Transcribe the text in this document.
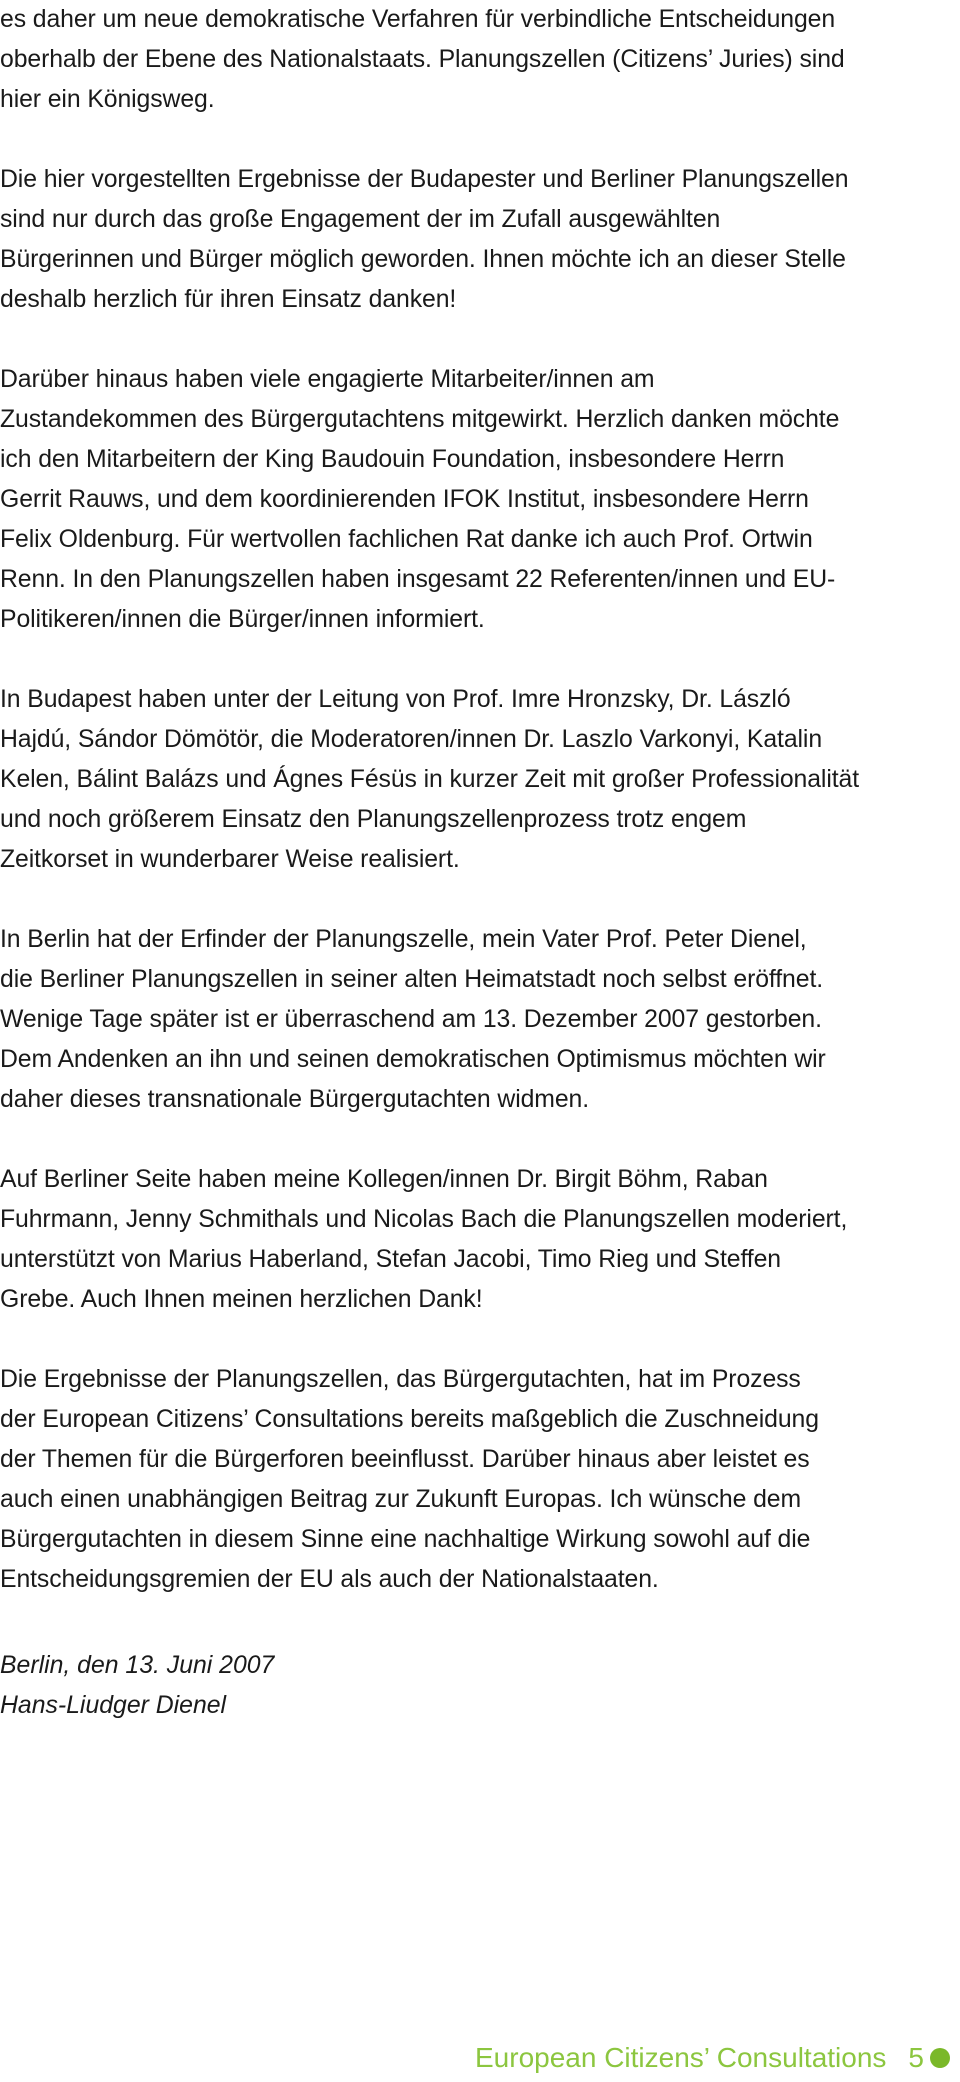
es daher um neue demokratische Verfahren für verbindliche Entscheidungen
oberhalb der Ebene des Nationalstaats. Planungszellen (Citizens’ Juries) sind
hier ein Königsweg.

Die hier vorgestellten Ergebnisse der Budapester und Berliner Planungszellen
sind nur durch das große Engagement der im Zufall ausgewählten
Bürgerinnen und Bürger möglich geworden. Ihnen möchte ich an dieser Stelle
deshalb herzlich für ihren Einsatz danken!

Darüber hinaus haben viele engagierte Mitarbeiter/innen am
Zustandekommen des Bürgergutachtens mitgewirkt. Herzlich danken möchte
ich den Mitarbeitern der King Baudouin Foundation, insbesondere Herrn
Gerrit Rauws, und dem koordinierenden IFOK Institut, insbesondere Herrn
Felix Oldenburg. Für wertvollen fachlichen Rat danke ich auch Prof. Ortwin
Renn. In den Planungszellen haben insgesamt 22 Referenten/innen und EU-
Politikeren/innen die Bürger/innen informiert.

In Budapest haben unter der Leitung von Prof. Imre Hronzsky, Dr. László
Hajdú, Sándor Dömötör, die Moderatoren/innen Dr. Laszlo Varkonyi, Katalin
Kelen, Bálint Balázs und Ágnes Fésüs in kurzer Zeit mit großer Professionalität
und noch größerem Einsatz den Planungszellenprozess trotz engem
Zeitkorset in wunderbarer Weise realisiert.

In Berlin hat der Erfinder der Planungszelle, mein Vater Prof. Peter Dienel,
die Berliner Planungszellen in seiner alten Heimatstadt noch selbst eröffnet.
Wenige Tage später ist er überraschend am 13. Dezember 2007 gestorben.
Dem Andenken an ihn und seinen demokratischen Optimismus möchten wir
daher dieses transnationale Bürgergutachten widmen.

Auf Berliner Seite haben meine Kollegen/innen Dr. Birgit Böhm, Raban
Fuhrmann, Jenny Schmithals und Nicolas Bach die Planungszellen moderiert,
unterstützt von Marius Haberland, Stefan Jacobi, Timo Rieg und Steffen
Grebe. Auch Ihnen meinen herzlichen Dank!

Die Ergebnisse der Planungszellen, das Bürgergutachten, hat im Prozess
der European Citizens’ Consultations bereits maßgeblich die Zuschneidung
der Themen für die Bürgerforen beeinflusst. Darüber hinaus aber leistet es
auch einen unabhängigen Beitrag zur Zukunft Europas. Ich wünsche dem
Bürgergutachten in diesem Sinne eine nachhaltige Wirkung sowohl auf die
Entscheidungsgremien der EU als auch der Nationalstaaten.

Berlin, den 13. Juni 2007
Hans-Liudger Dienel
European Citizens’ Consultations 5
